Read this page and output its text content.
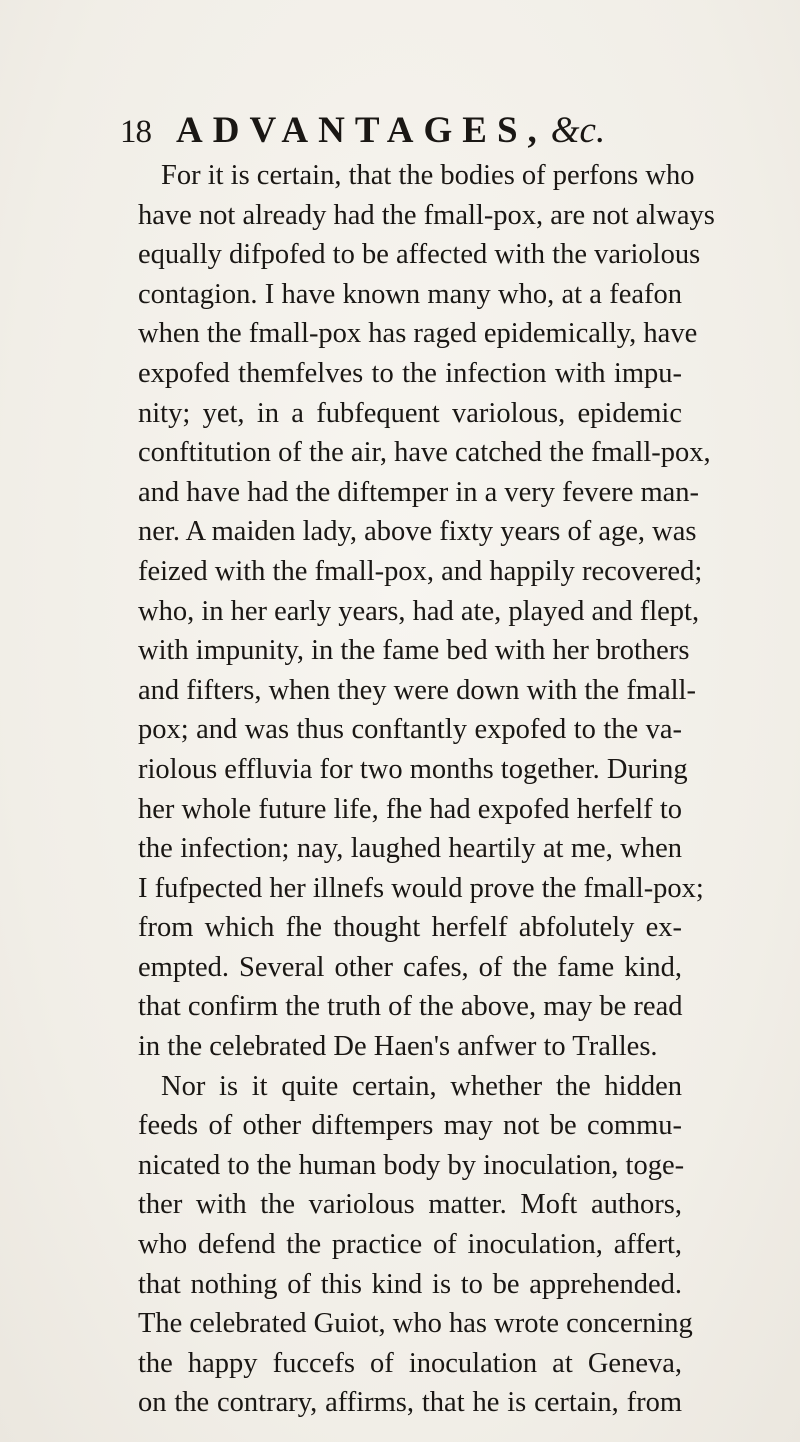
18 ADVANTAGES, &c.
For it is certain, that the bodies of perfons who
have not already had the fmall-pox, are not always
equally difpofed to be affected with the variolous
contagion. I have known many who, at a feafon
when the fmall-pox has raged epidemically, have
expofed themfelves to the infection with impu-
nity; yet, in a fubfequent variolous, epidemic
conftitution of the air, have catched the fmall-pox,
and have had the diftemper in a very fevere man-
ner. A maiden lady, above fixty years of age, was
feized with the fmall-pox, and happily recovered;
who, in her early years, had ate, played and flept,
with impunity, in the fame bed with her brothers
and fifters, when they were down with the fmall-
pox; and was thus conftantly expofed to the va-
riolous effluvia for two months together. During
her whole future life, fhe had expofed herfelf to
the infection; nay, laughed heartily at me, when
I fufpected her illnefs would prove the fmall-pox;
from which fhe thought herfelf abfolutely ex-
empted. Several other cafes, of the fame kind,
that confirm the truth of the above, may be read
in the celebrated De Haen's anfwer to Tralles.
Nor is it quite certain, whether the hidden
feeds of other diftempers may not be commu-
nicated to the human body by inoculation, toge-
ther with the variolous matter. Moft authors,
who defend the practice of inoculation, affert,
that nothing of this kind is to be apprehended.
The celebrated Guiot, who has wrote concerning
the happy fuccefs of inoculation at Geneva,
on the contrary, affirms, that he is certain, from
